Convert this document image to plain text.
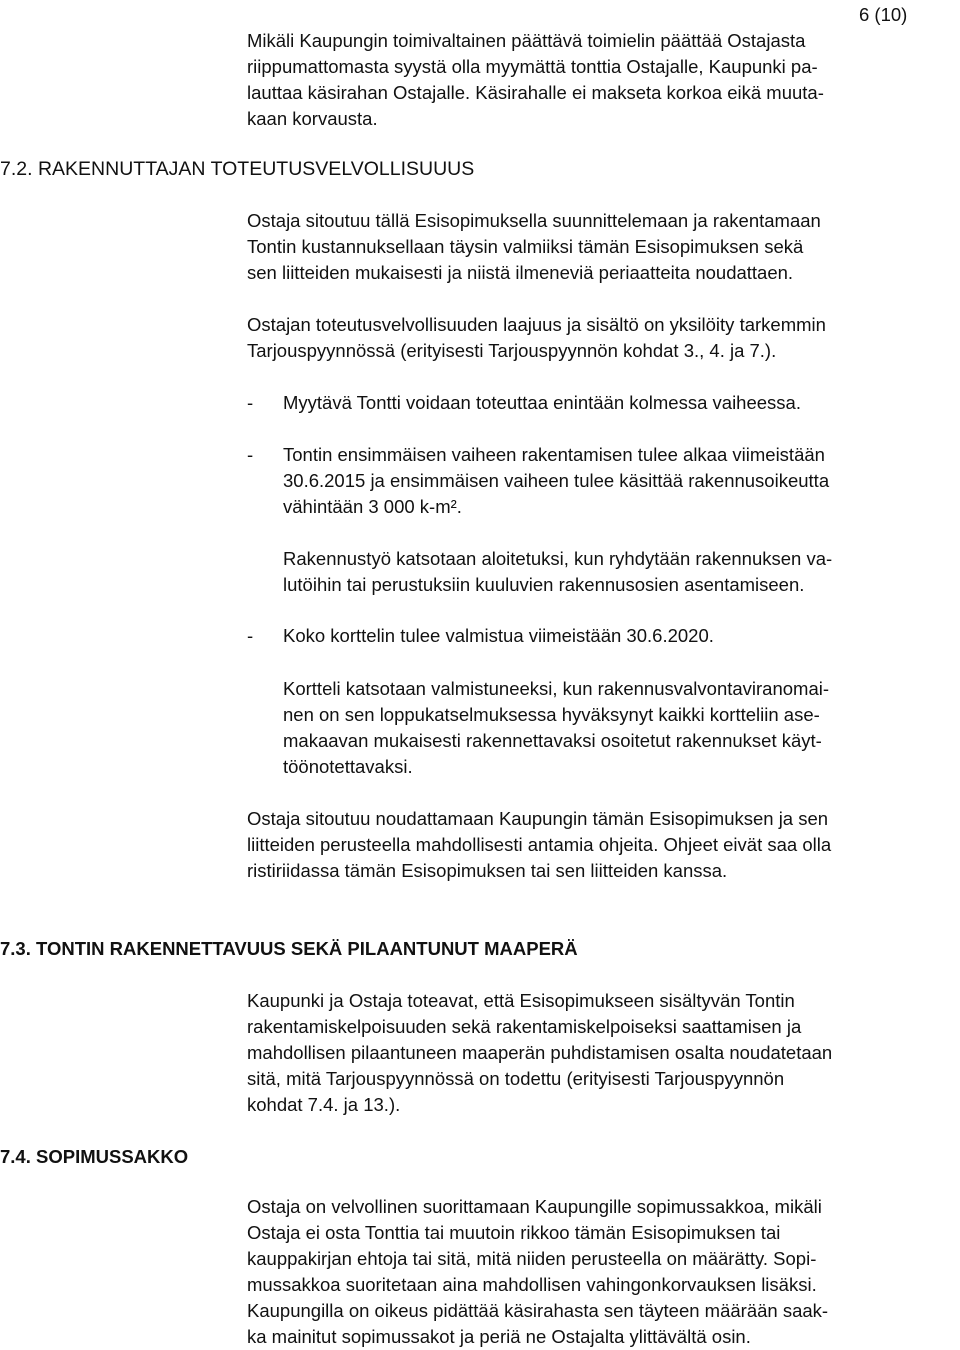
6 (10)
Mikäli Kaupungin toimivaltainen päättävä toimielin päättää Ostajasta
riippumattomasta syystä olla myymättä tonttia Ostajalle, Kaupunki pa-
lauttaa käsirahan Ostajalle. Käsirahalle ei makseta korkoa eikä muuta-
kaan korvausta.
7.2. RAKENNUTTAJAN TOTEUTUSVELVOLLISUUUS
Ostaja sitoutuu tällä Esisopimuksella suunnittelemaan ja rakentamaan
Tontin kustannuksellaan täysin valmiiksi tämän Esisopimuksen sekä
sen liitteiden mukaisesti ja niistä ilmeneviä periaatteita noudattaen.
Ostajan toteutusvelvollisuuden laajuus ja sisältö on yksilöity tarkemmin
Tarjouspyynnössä (erityisesti Tarjouspyynnön kohdat 3., 4. ja 7.).
- Myytävä Tontti voidaan toteuttaa enintään kolmessa vaiheessa.
- Tontin ensimmäisen vaiheen rakentamisen tulee alkaa viimeistään
30.6.2015 ja ensimmäisen vaiheen tulee käsittää rakennusoikeutta
vähintään 3 000 k-m².
Rakennustyö katsotaan aloitetuksi, kun ryhdytään rakennuksen va-
lutöihin tai perustuksiin kuuluvien rakennusosien asentamiseen.
- Koko korttelin tulee valmistua viimeistään 30.6.2020.
Kortteli katsotaan valmistuneeksi, kun rakennusvalvontaviranomai-
nen on sen loppukatselmuksessa hyväksynyt kaikki kortteliin ase-
makaavan mukaisesti rakennettavaksi osoitetut rakennukset käyt-
töönotettavaksi.
Ostaja sitoutuu noudattamaan Kaupungin tämän Esisopimuksen ja sen
liitteiden perusteella mahdollisesti antamia ohjeita. Ohjeet eivät saa olla
ristiriidassa tämän Esisopimuksen tai sen liitteiden kanssa.
7.3. TONTIN RAKENNETTAVUUS SEKÄ PILAANTUNUT MAAPERÄ
Kaupunki ja Ostaja toteavat, että Esisopimukseen sisältyvän Tontin
rakentamiskelpoisuuden sekä rakentamiskelpoiseksi saattamisen ja
mahdollisen pilaantuneen maaperän puhdistamisen osalta noudatetaan
sitä, mitä Tarjouspyynnössä on todettu (erityisesti Tarjouspyynnön
kohdat 7.4. ja 13.).
7.4. SOPIMUSSAKKO
Ostaja on velvollinen suorittamaan Kaupungille sopimussakkoa, mikäli
Ostaja ei osta Tonttia tai muutoin rikkoo tämän Esisopimuksen tai
kauppakirjan ehtoja tai sitä, mitä niiden perusteella on määrätty. Sopi-
mussakkoa suoritetaan aina mahdollisen vahingonkorvauksen lisäksi.
Kaupungilla on oikeus pidättää käsirahasta sen täyteen määrään saak-
ka mainitut sopimussakot ja periä ne Ostajalta ylittävältä osin.
